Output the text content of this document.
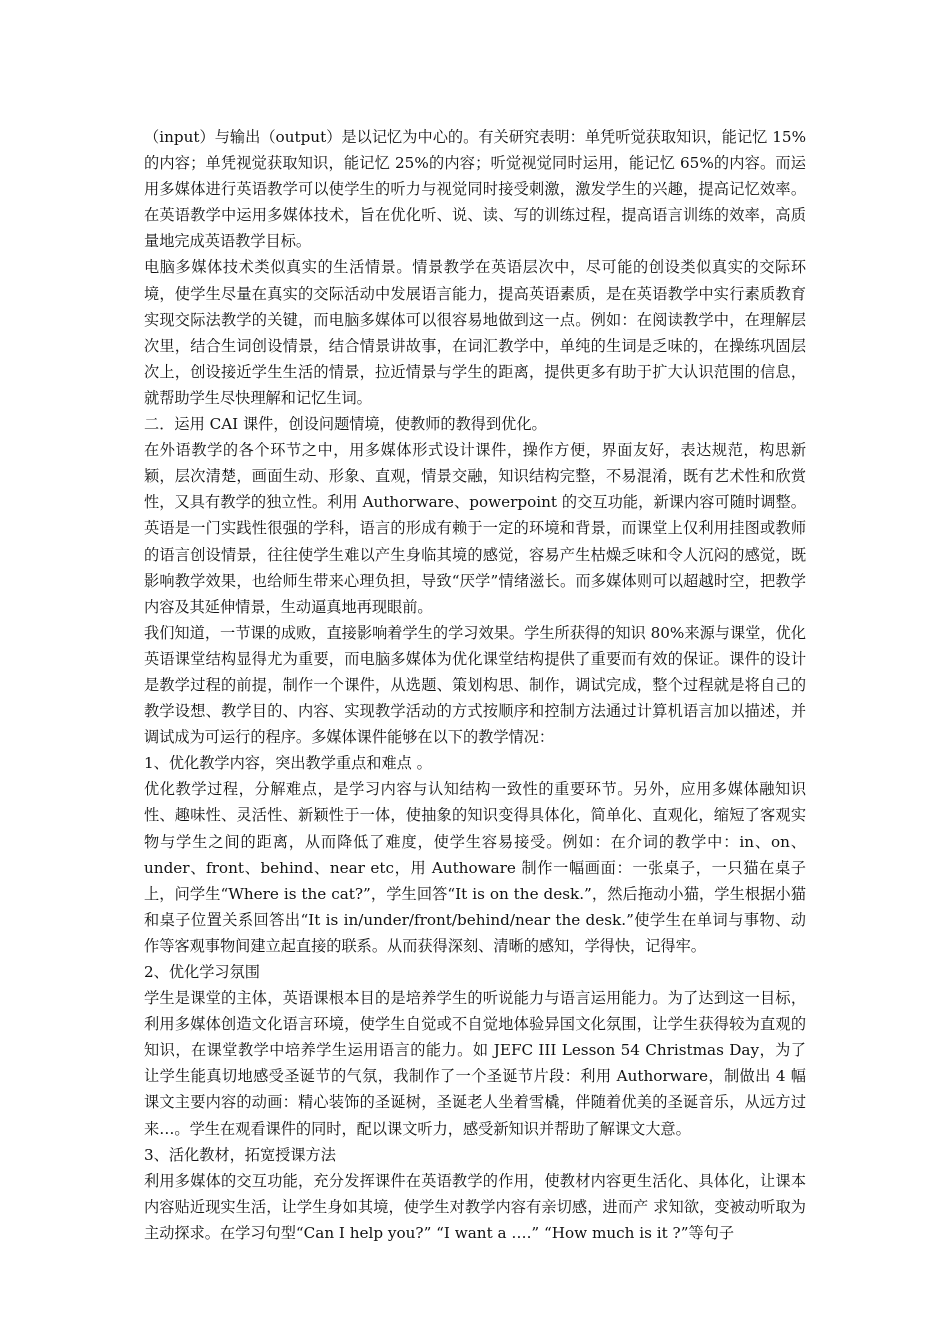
（input）与输出（output）是以记忆为中心的。有关研究表明：单凭听觉获取知识，能记忆 15%的内容；单凭视觉获取知识，能记忆 25%的内容；听觉视觉同时运用，能记忆 65%的内容。而运用多媒体进行英语教学可以使学生的听力与视觉同时接受刺激，激发学生的兴趣，提高记忆效率。在英语教学中运用多媒体技术，旨在优化听、说、读、写的训练过程，提高语言训练的效率，高质量地完成英语教学目标。

电脑多媒体技术类似真实的生活情景。情景教学在英语层次中，尽可能的创设类似真实的交际环境，使学生尽量在真实的交际活动中发展语言能力，提高英语素质，是在英语教学中实行素质教育实现交际法教学的关键，而电脑多媒体可以很容易地做到这一点。例如：在阅读教学中，在理解层次里，结合生词创设情景，结合情景讲故事，在词汇教学中，单纯的生词是乏味的，在操练巩固层次上，创设接近学生生活的情景，拉近情景与学生的距离，提供更多有助于扩大认识范围的信息，就帮助学生尽快理解和记忆生词。

二．运用 CAI 课件，创设问题情境，使教师的教得到优化。

在外语教学的各个环节之中，用多媒体形式设计课件，操作方便，界面友好，表达规范，构思新颖，层次清楚，画面生动、形象、直观，情景交融，知识结构完整，不易混淆，既有艺术性和欣赏性，又具有教学的独立性。利用 Authorware、powerpoint 的交互功能，新课内容可随时调整。英语是一门实践性很强的学科，语言的形成有赖于一定的环境和背景，而课堂上仅利用挂图或教师的语言创设情景，往往使学生难以产生身临其境的感觉，容易产生枯燥乏味和令人沉闷的感觉，既影响教学效果，也给师生带来心理负担，导致“厌学”情绪滋长。而多媒体则可以超越时空，把教学内容及其延伸情景，生动逼真地再现眼前。

我们知道，一节课的成败，直接影响着学生的学习效果。学生所获得的知识 80%来源与课堂，优化英语课堂结构显得尤为重要，而电脑多媒体为优化课堂结构提供了重要而有效的保证。课件的设计是教学过程的前提，制作一个课件，从选题、策划构思、制作，调试完成，整个过程就是将自己的教学设想、教学目的、内容、实现教学活动的方式按顺序和控制方法通过计算机语言加以描述，并调试成为可运行的程序。多媒体课件能够在以下的教学情况：

1、优化教学内容，突出教学重点和难点 。

优化教学过程，分解难点，是学习内容与认知结构一致性的重要环节。另外，应用多媒体融知识性、趣味性、灵活性、新颖性于一体，使抽象的知识变得具体化，简单化、直观化，缩短了客观实物与学生之间的距离，从而降低了难度，使学生容易接受。例如：在介词的教学中：in、on、under、front、behind、near etc，用 Authoware 制作一幅画面：一张桌子，一只猫在桌子上，问学生“Where is the cat?”，学生回答“It is on the desk.”，然后拖动小猫，学生根据小猫和桌子位置关系回答出“It is in/under/front/behind/near the desk.”使学生在单词与事物、动作等客观事物间建立起直接的联系。从而获得深刻、清晰的感知，学得快，记得牢。

2、优化学习氛围

学生是课堂的主体，英语课根本目的是培养学生的听说能力与语言运用能力。为了达到这一目标，利用多媒体创造文化语言环境，使学生自觉或不自觉地体验异国文化氛围，让学生获得较为直观的知识，在课堂教学中培养学生运用语言的能力。如 JEFC III Lesson 54 Christmas Day，为了让学生能真切地感受圣诞节的气氛，我制作了一个圣诞节片段：利用 Authorware，制做出 4 幅课文主要内容的动画：精心装饰的圣诞树，圣诞老人坐着雪橇，伴随着优美的圣诞音乐，从远方过来…。学生在观看课件的同时，配以课文听力，感受新知识并帮助了解课文大意。

3、活化教材，拓宽授课方法

利用多媒体的交互功能，充分发挥课件在英语教学的作用，使教材内容更生活化、具体化，让课本内容贴近现实生活，让学生身如其境，使学生对教学内容有亲切感，进而产 求知欲，变被动听取为主动探求。在学习句型“Can I help you?” “I want a ….” “How much is it ?”等句子
